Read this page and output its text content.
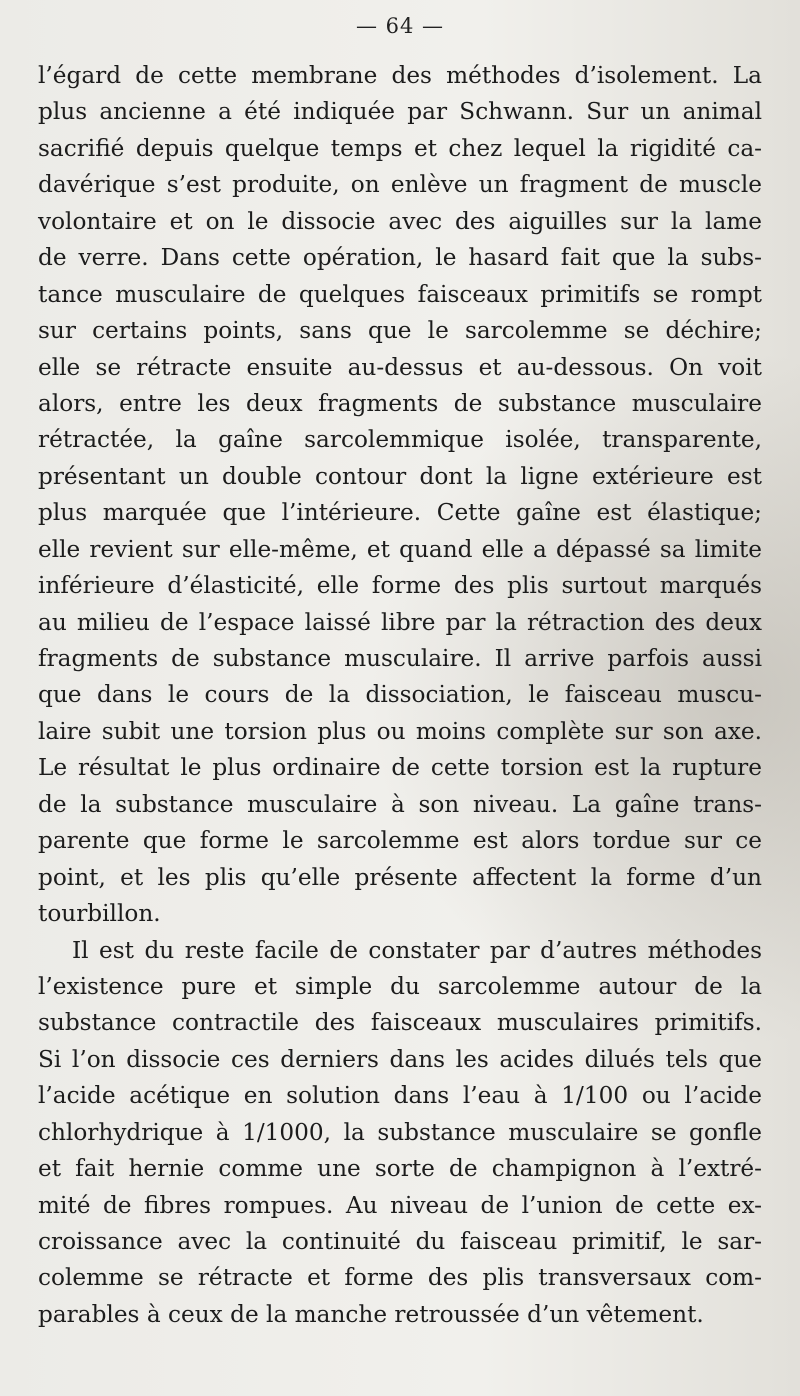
— 64 —
l’égard de cette membrane des méthodes d’isolement. La
plus ancienne a été indiquée par Schwann. Sur un animal
sacrifié depuis quelque temps et chez lequel la rigidité ca-
davérique s’est produite, on enlève un fragment de muscle
volontaire et on le dissocie avec des aiguilles sur la lame
de verre. Dans cette opération, le hasard fait que la subs-
tance musculaire de quelques faisceaux primitifs se rompt
sur certains points, sans que le sarcolemme se déchire;
elle se rétracte ensuite au-dessus et au-dessous. On voit
alors, entre les deux fragments de substance musculaire
rétractée, la gaîne sarcolemmique isolée, transparente,
présentant un double contour dont la ligne extérieure est
plus marquée que l’intérieure. Cette gaîne est élastique;
elle revient sur elle-même, et quand elle a dépassé sa limite
inférieure d’élasticité, elle forme des plis surtout marqués
au milieu de l’espace laissé libre par la rétraction des deux
fragments de substance musculaire. Il arrive parfois aussi
que dans le cours de la dissociation, le faisceau muscu-
laire subit une torsion plus ou moins complète sur son axe.
Le résultat le plus ordinaire de cette torsion est la rupture
de la substance musculaire à son niveau. La gaîne trans-
parente que forme le sarcolemme est alors tordue sur ce
point, et les plis qu’elle présente affectent la forme d’un
tourbillon.
Il est du reste facile de constater par d’autres méthodes
l’existence pure et simple du sarcolemme autour de la
substance contractile des faisceaux musculaires primitifs.
Si l’on dissocie ces derniers dans les acides dilués tels que
l’acide acétique en solution dans l’eau à 1/100 ou l’acide
chlorhydrique à 1/1000, la substance musculaire se gonfle
et fait hernie comme une sorte de champignon à l’extré-
mité de fibres rompues. Au niveau de l’union de cette ex-
croissance avec la continuité du faisceau primitif, le sar-
colemme se rétracte et forme des plis transversaux com-
parables à ceux de la manche retroussée d’un vêtement.
